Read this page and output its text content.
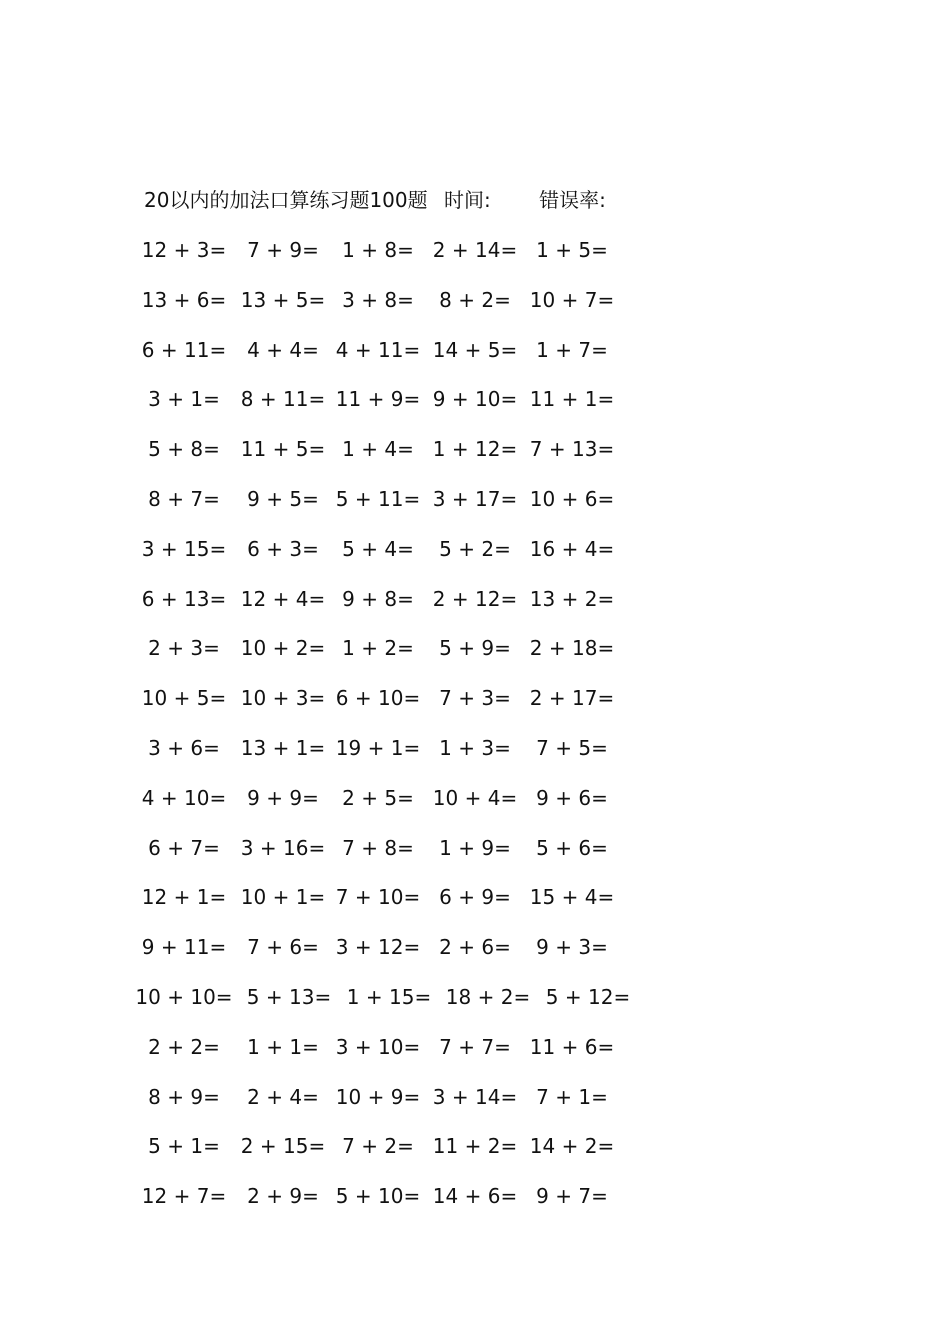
20以内的加法口算练习题100题 时间: 错误率:
12 + 3= 7 + 9= 1 + 8= 2 + 14= 1 + 5=
13 + 6= 13 + 5= 3 + 8= 8 + 2= 10 + 7=
6 + 11= 4 + 4= 4 + 11= 14 + 5= 1 + 7=
3 + 1= 8 + 11= 11 + 9= 9 + 10= 11 + 1=
5 + 8= 11 + 5= 1 + 4= 1 + 12= 7 + 13=
8 + 7= 9 + 5= 5 + 11= 3 + 17= 10 + 6=
3 + 15= 6 + 3= 5 + 4= 5 + 2= 16 + 4=
6 + 13= 12 + 4= 9 + 8= 2 + 12= 13 + 2=
2 + 3= 10 + 2= 1 + 2= 5 + 9= 2 + 18=
10 + 5= 10 + 3= 6 + 10= 7 + 3= 2 + 17=
3 + 6= 13 + 1= 19 + 1= 1 + 3= 7 + 5=
4 + 10= 9 + 9= 2 + 5= 10 + 4= 9 + 6=
6 + 7= 3 + 16= 7 + 8= 1 + 9= 5 + 6=
12 + 1= 10 + 1= 7 + 10= 6 + 9= 15 + 4=
9 + 11= 7 + 6= 3 + 12= 2 + 6= 9 + 3=
10 + 10= 5 + 13= 1 + 15= 18 + 2= 5 + 12=
2 + 2= 1 + 1= 3 + 10= 7 + 7= 11 + 6=
8 + 9= 2 + 4= 10 + 9= 3 + 14= 7 + 1=
5 + 1= 2 + 15= 7 + 2= 11 + 2= 14 + 2=
12 + 7= 2 + 9= 5 + 10= 14 + 6= 9 + 7=
